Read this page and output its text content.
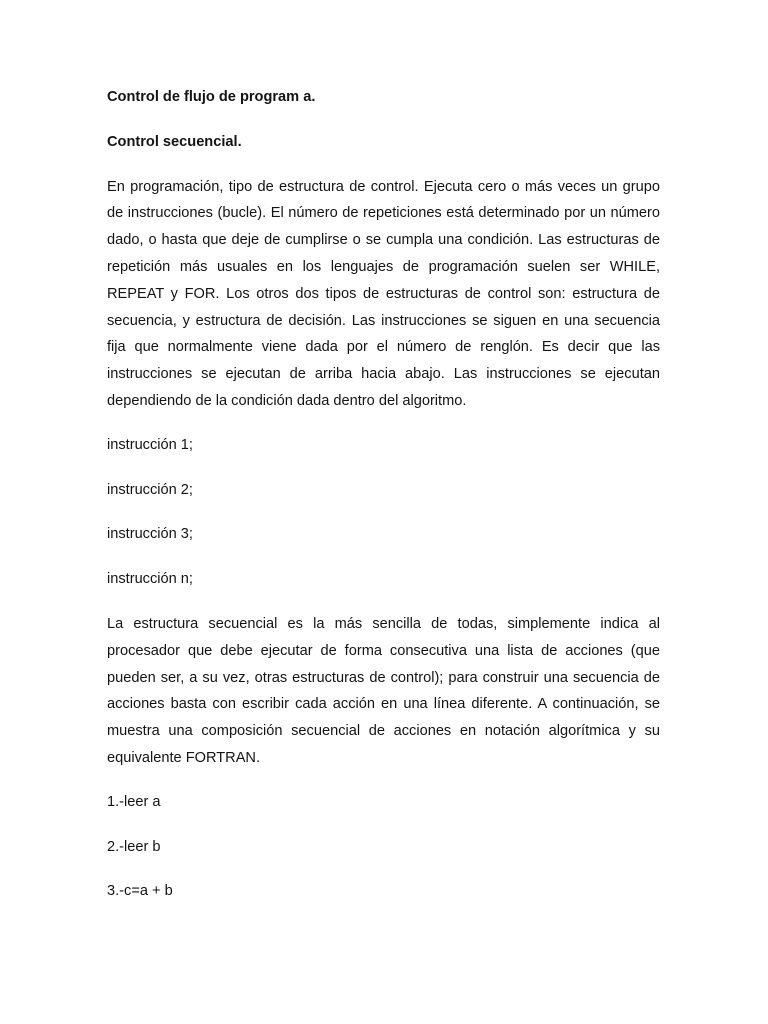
Control de flujo de program a.
Control secuencial.
En programación, tipo de estructura de control. Ejecuta cero o más veces un grupo de instrucciones (bucle). El número de repeticiones está determinado por un número dado, o hasta que deje de cumplirse o se cumpla una condición. Las estructuras de repetición más usuales en los lenguajes de programación suelen ser WHILE, REPEAT y FOR. Los otros dos tipos de estructuras de control son: estructura de secuencia, y estructura de decisión. Las instrucciones se siguen en una secuencia fija que normalmente viene dada por el número de renglón. Es decir que las instrucciones se ejecutan de arriba hacia abajo. Las instrucciones se ejecutan dependiendo de la condición dada dentro del algoritmo.
instrucción 1;
instrucción 2;
instrucción 3;
instrucción n;
La estructura secuencial es la más sencilla de todas, simplemente indica al procesador que debe ejecutar de forma consecutiva una lista de acciones (que pueden ser, a su vez, otras estructuras de control); para construir una secuencia de acciones basta con escribir cada acción en una línea diferente. A continuación, se muestra una composición secuencial de acciones en notación algorítmica y su equivalente FORTRAN.
1.-leer a
2.-leer b
3.-c=a + b
